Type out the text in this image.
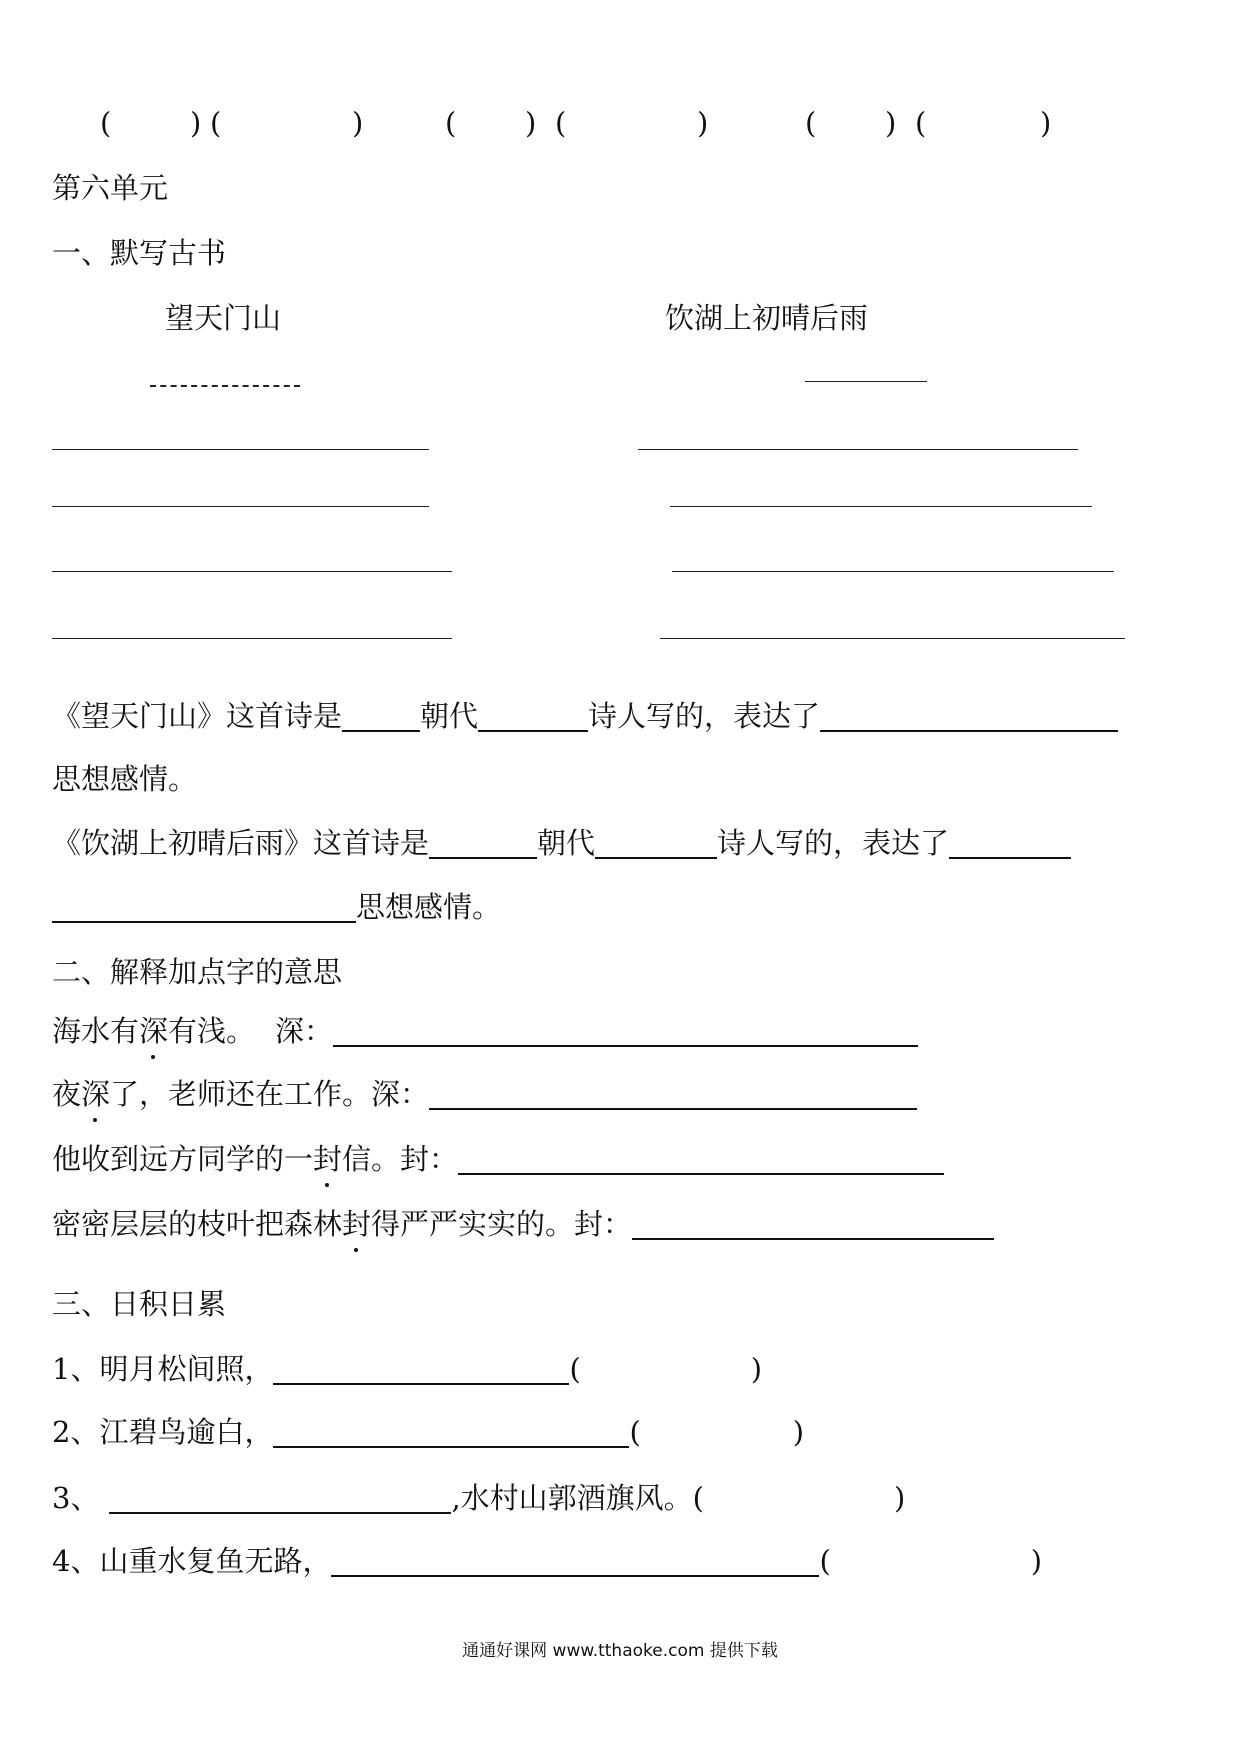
(	) (	)	( ) (	)	( ) (	)
第六单元
一、默写古书
望天门山	饮湖上初晴后雨
《望天门山》这首诗是	朝代	诗人写的，表达了
思想感情。
《饮湖上初晴后雨》这首诗是	朝代	诗人写的，表达了
思想感情。
二、解释加点字的意思
海水有深有浅。 深：
夜深了，老师还在工作。深：
他收到远方同学的一封信。封：
密密层层的枝叶把森林封得严严实实的。封：
三、日积日累
1、明月松间照，	(	)
2、江碧鸟逾白，	(	)
3、	,水村山郭酒旗风。(	)
4、山重水复鱼无路，	(	)
通通好课网 www.tthaoke.com 提供下载
